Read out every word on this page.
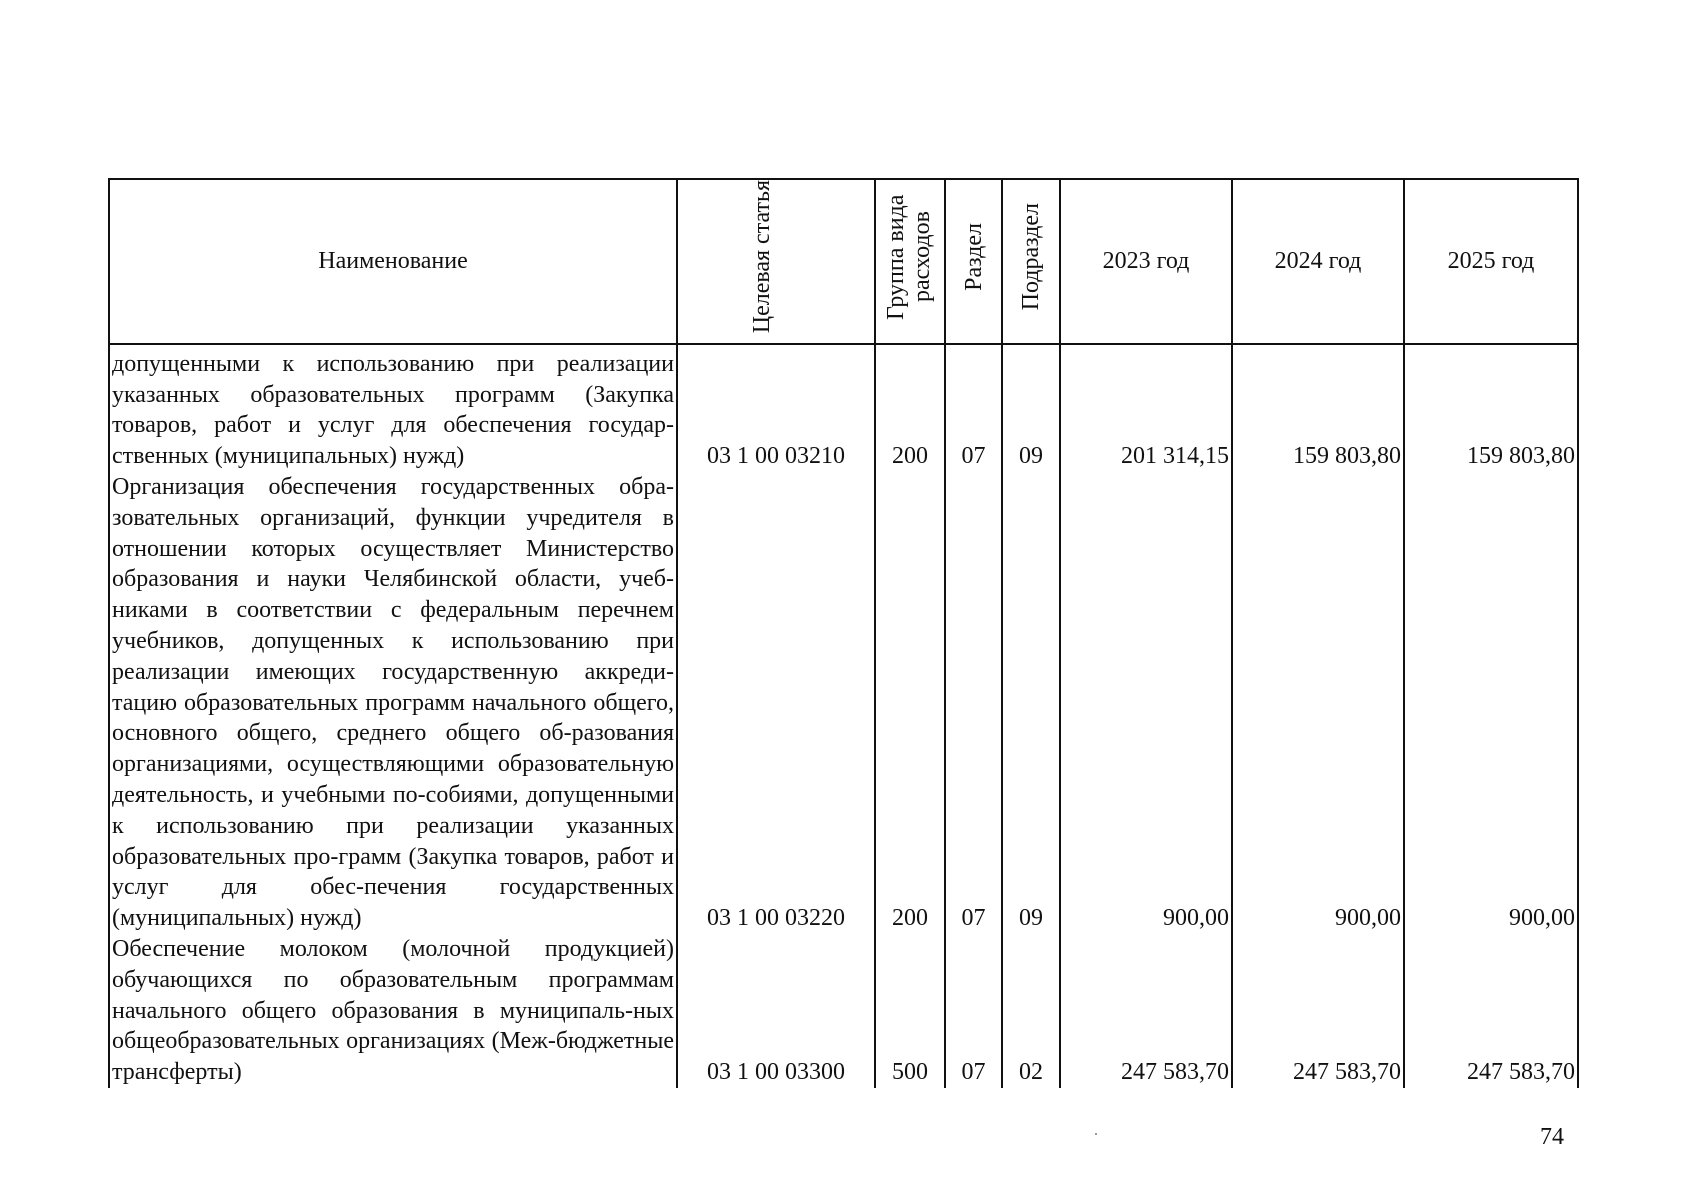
Наименование	Целевая статья	Группа вида расходов	Раздел	Подраздел	2023 год	2024 год	2025 год
допущенными к использованию при реализации указанных образовательных программ (Закупка товаров, работ и услуг для обеспечения государ-ственных (муниципальных) нужд)	03 1 00 03210	200	07	09	201 314,15	159 803,80	159 803,80
Организация обеспечения государственных обра-зовательных организаций, функции учредителя в отношении которых осуществляет Министерство образования и науки Челябинской области, учеб-никами в соответствии с федеральным перечнем учебников, допущенных к использованию при реализации имеющих государственную аккреди-тацию образовательных программ начального общего, основного общего, среднего общего об-разования организациями, осуществляющими образовательную деятельность, и учебными по-собиями, допущенными к использованию при реализации указанных образовательных про-грамм (Закупка товаров, работ и услуг для обес-печения государственных (муниципальных) нужд)	03 1 00 03220	200	07	09	900,00	900,00	900,00
Обеспечение молоком (молочной продукцией) обучающихся по образовательным программам начального общего образования в муниципаль-ных общеобразовательных организациях (Меж-бюджетные трансферты)	03 1 00 03300	500	07	02	247 583,70	247 583,70	247 583,70
74
